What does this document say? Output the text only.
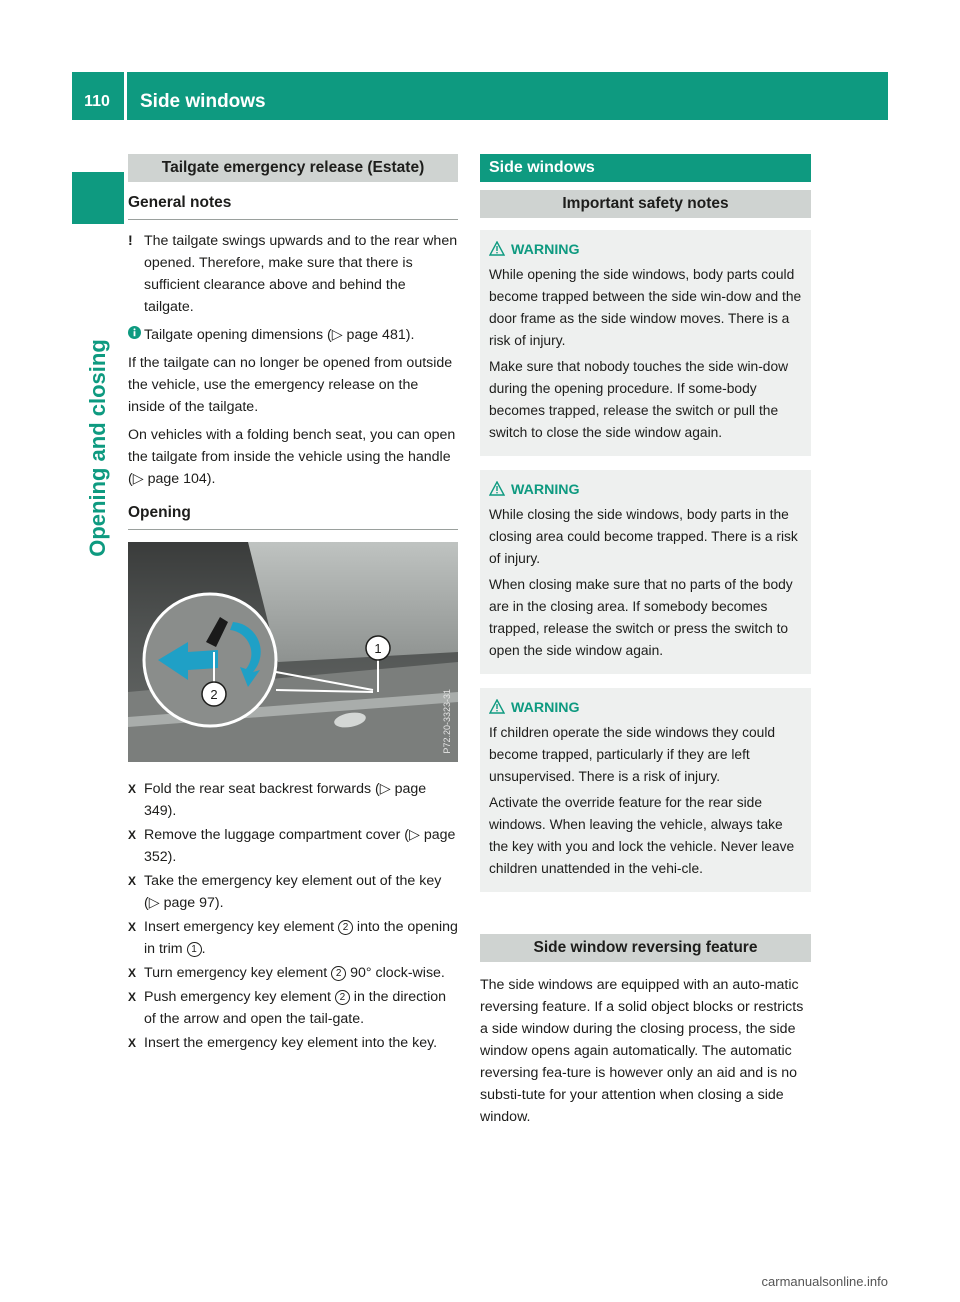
110	Side windows
Opening and closing
Tailgate emergency release (Estate)
General notes
! The tailgate swings upwards and to the rear when opened. Therefore, make sure that there is sufficient clearance above and behind the tailgate.
Tailgate opening dimensions (▷ page 481).

If the tailgate can no longer be opened from outside the vehicle, use the emergency release on the inside of the tailgate.

On vehicles with a folding bench seat, you can open the tailgate from inside the vehicle using the handle (▷ page 104).

Opening
1
2	P72.20-3323-31
X Fold the rear seat backrest forwards (▷ page 349).
X Remove the luggage compartment cover (▷ page 352).
X Take the emergency key element out of the key (▷ page 97).
X Insert emergency key element 2 into the opening in trim 1 .
X Turn emergency key element 2 90° clock-wise.
X Push emergency key element 2 in the direction of the arrow and open the tail-gate.
X Insert the emergency key element into the key.
Side windows
Important safety notes
WARNING

While opening the side windows, body parts could become trapped between the side win-dow and the door frame as the side window moves. There is a risk of injury.

Make sure that nobody touches the side win-dow during the opening procedure. If some-body becomes trapped, release the switch or pull the switch to close the side window again.

WARNING

While closing the side windows, body parts in the closing area could become trapped. There is a risk of injury.

When closing make sure that no parts of the body are in the closing area. If somebody becomes trapped, release the switch or press the switch to open the side window again.

WARNING

If children operate the side windows they could become trapped, particularly if they are left unsupervised. There is a risk of injury.

Activate the override feature for the rear side windows. When leaving the vehicle, always take the key with you and lock the vehicle. Never leave children unattended in the vehi-cle.

Side window reversing feature

The side windows are equipped with an auto-matic reversing feature. If a solid object blocks or restricts a side window during the closing process, the side window opens again automatically. The automatic reversing fea-ture is however only an aid and is no substi-tute for your attention when closing a side window.

carmanualsonline.info
